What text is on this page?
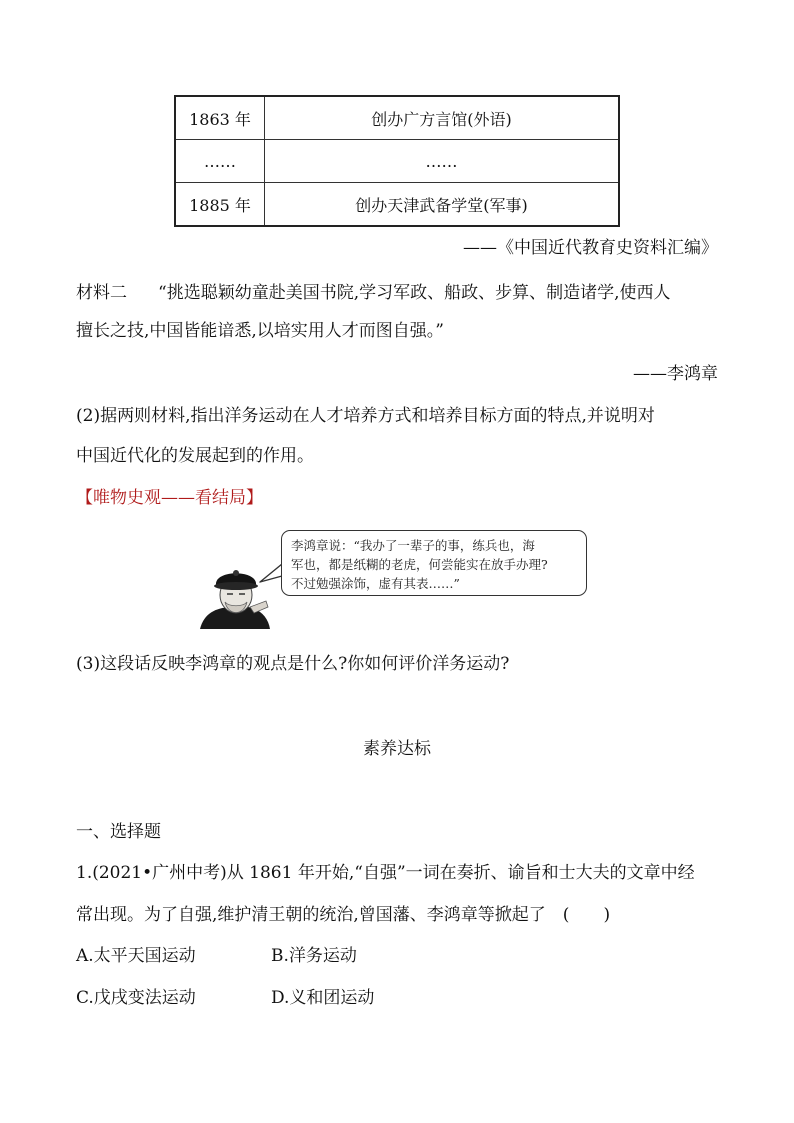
1863 年	创办广方言馆(外语)
……	……
1885 年	创办天津武备学堂(军事)
——《中国近代教育史资料汇编》
材料二 “挑选聪颖幼童赴美国书院,学习军政、船政、步算、制造诸学,使西人
擅长之技,中国皆能谙悉,以培实用人才而图自强。”
——李鸿章
(2)据两则材料,指出洋务运动在人才培养方式和培养目标方面的特点,并说明对
中国近代化的发展起到的作用。
【唯物史观——看结局】
李鸿章说：“我办了一辈子的事，练兵也，海
军也，都是纸糊的老虎，何尝能实在放手办理?
不过勉强涂饰，虚有其表……”
(3)这段话反映李鸿章的观点是什么?你如何评价洋务运动?
素养达标
一、选择题
1.(2021•广州中考)从 1861 年开始,“自强”一词在奏折、谕旨和士大夫的文章中经
常出现。为了自强,维护清王朝的统治,曾国藩、李鸿章等掀起了　(　　)
A.太平天国运动	B.洋务运动
C.戊戌变法运动	D.义和团运动
